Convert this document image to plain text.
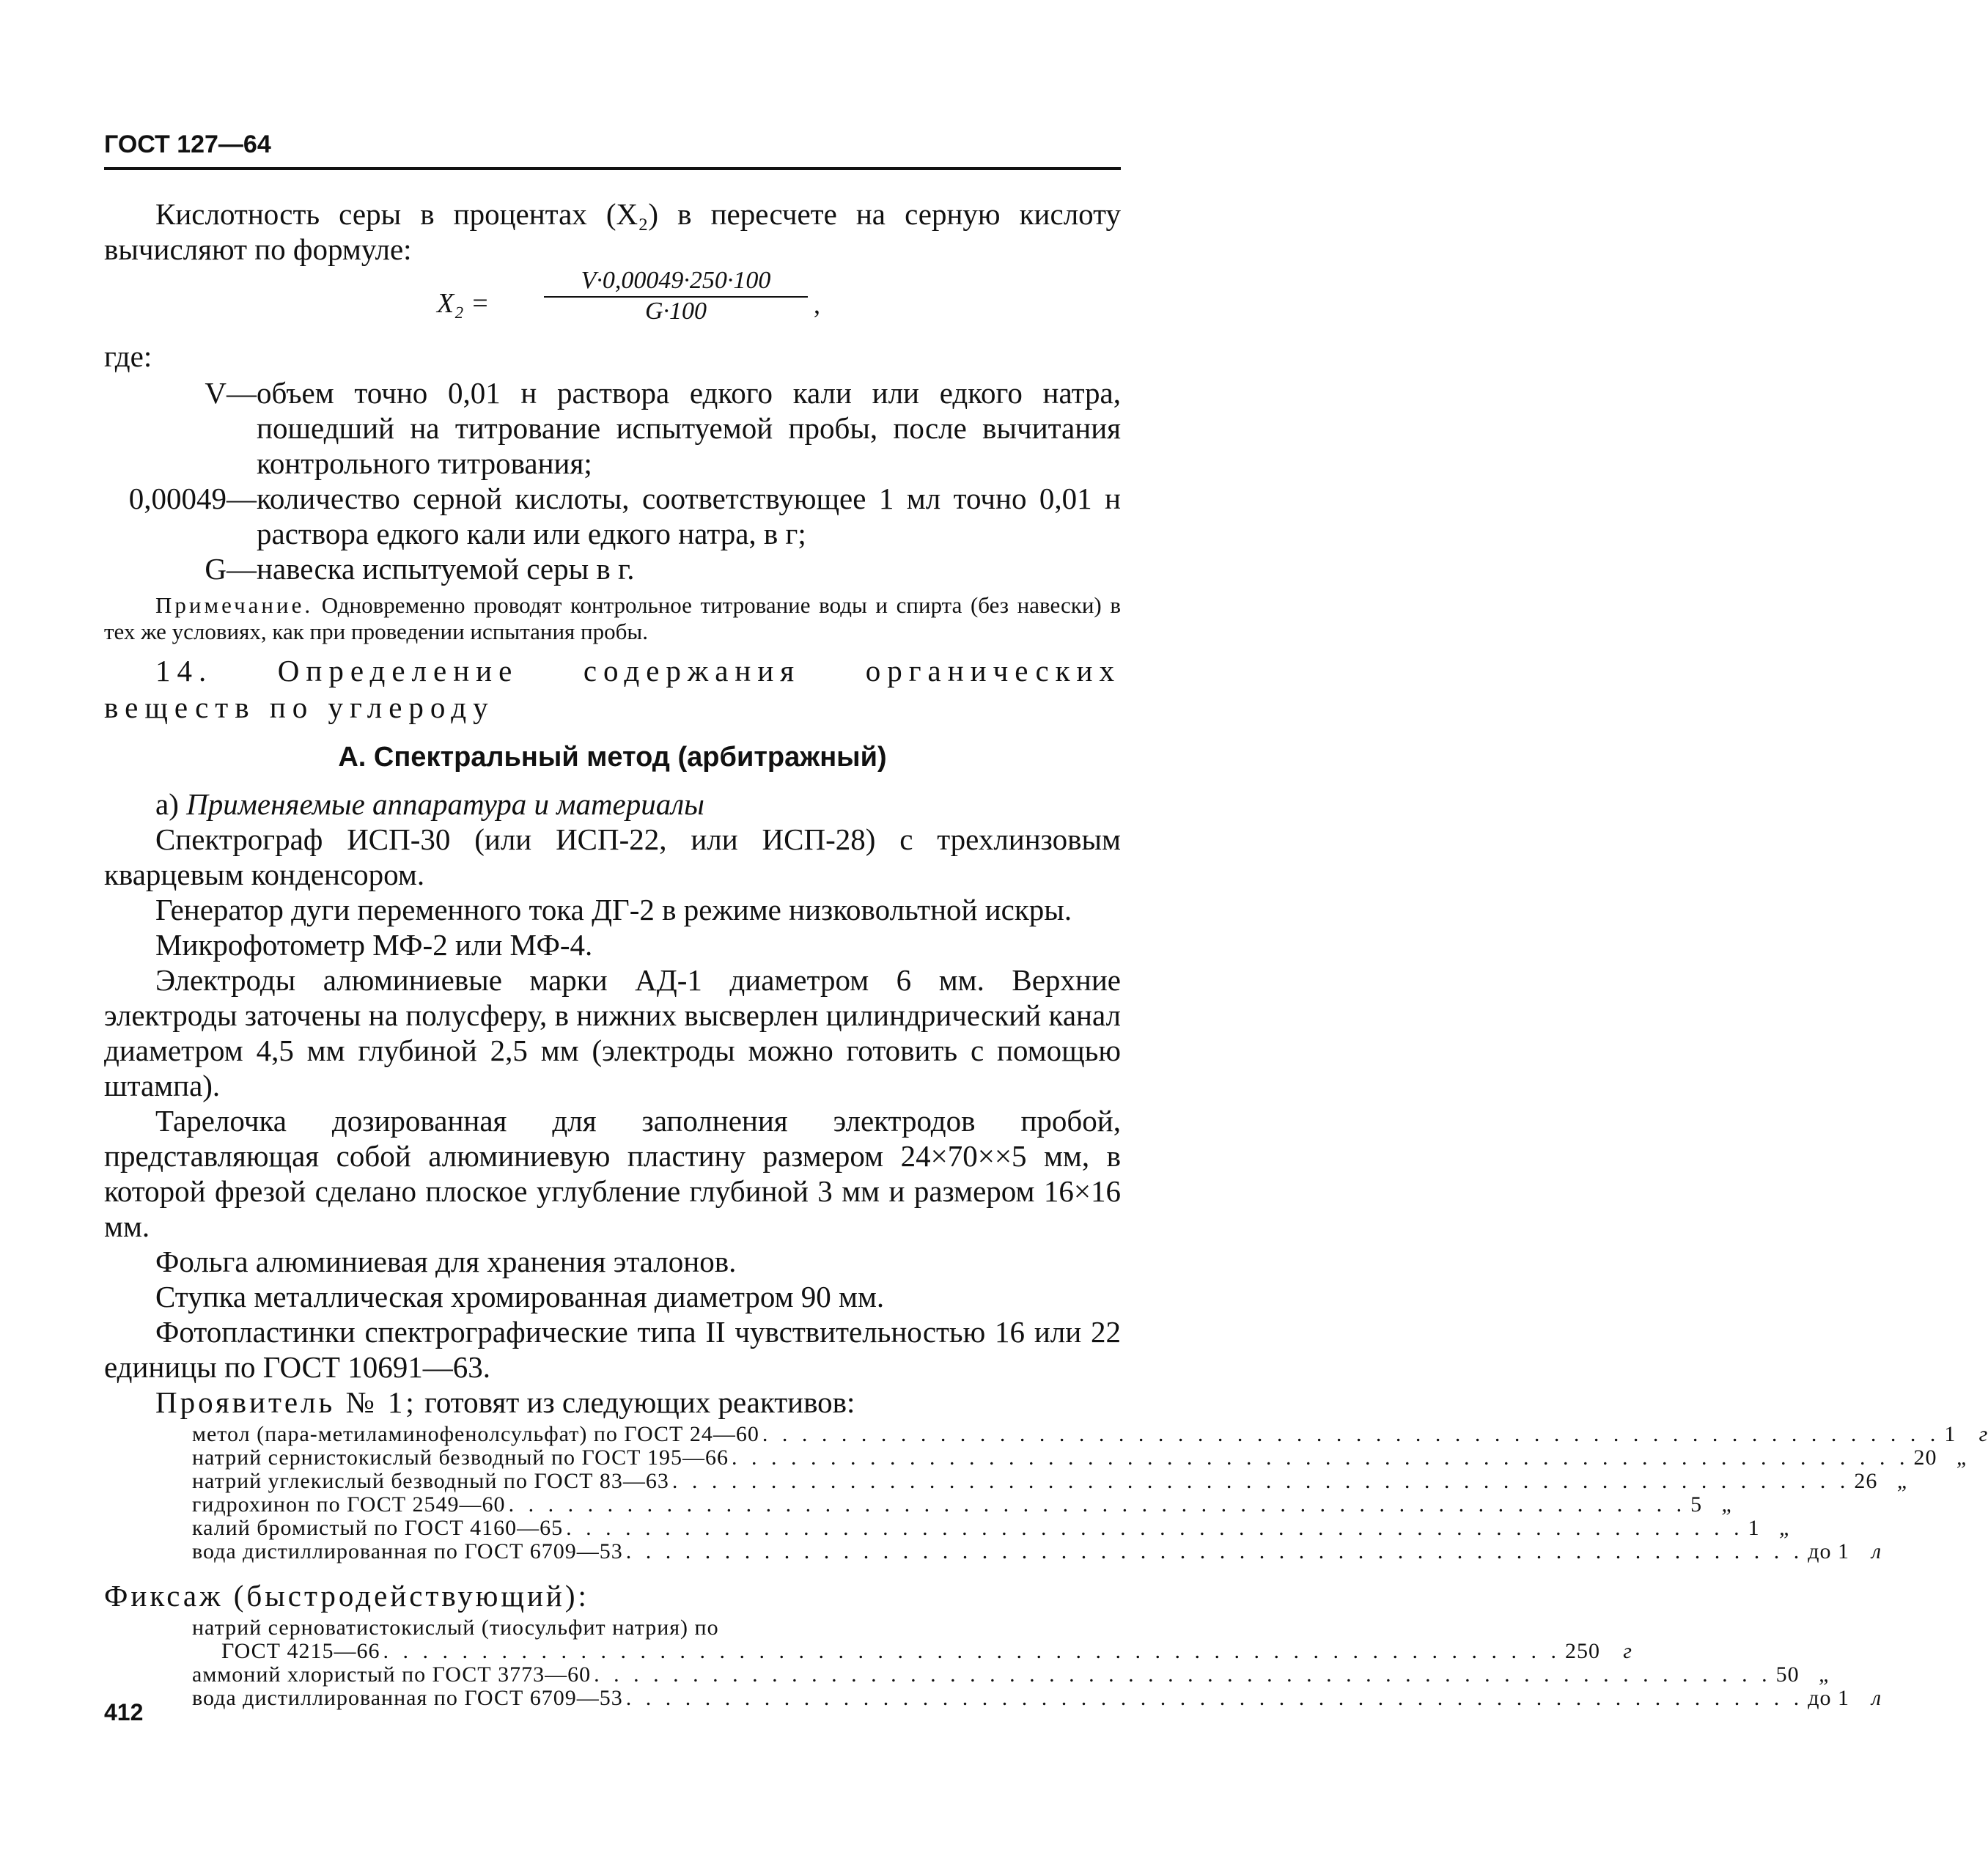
ГОСТ 127—64

Кислотность серы в процентах (X₂) в пересчете на серную кислоту вычисляют по формуле:

$X_2 = \frac{V\cdot 0,00049\cdot 250\cdot 100}{G\cdot 100}$ ,
где:
V— объем точно 0,01 н раствора едкого кали или едкого натра, пошедший на титрование испытуемой пробы, после вычитания контрольного титрования;
0,00049— количество серной кислоты, соответствующее 1 мл точно 0,01 н раствора едкого кали или едкого натра, в г;
G— навеска испытуемой серы в г.

Примечание. Одновременно проводят контрольное титрование воды и спирта (без навески) в тех же условиях, как при проведении испытания пробы.

14. Определение содержания органических веществ по углероду

А. Спектральный метод (арбитражный)

а) Применяемые аппаратура и материалы

Спектрограф ИСП-30 (или ИСП-22, или ИСП-28) с трехлинзовым кварцевым конденсором.

Генератор дуги переменного тока ДГ-2 в режиме низковольтной искры.

Микрофотометр МФ-2 или МФ-4.

Электроды алюминиевые марки АД-1 диаметром 6 мм. Верхние электроды заточены на полусферу, в нижних высверлен цилиндрический канал диаметром 4,5 мм глубиной 2,5 мм (электроды можно готовить с помощью штампа).

Тарелочка дозированная для заполнения электродов пробой, представляющая собой алюминиевую пластину размером 24×70××5 мм, в которой фрезой сделано плоское углубление глубиной 3 мм и размером 16×16 мм.

Фольга алюминиевая для хранения эталонов.

Ступка металлическая хромированная диаметром 90 мм.

Фотопластинки спектрографические типа II чувствительностью 16 или 22 единицы по ГОСТ 10691—63.

Проявитель № 1; готовят из следующих реактивов:

метол (пара-метиламинофенолсульфат) по ГОСТ 24—60 . . . . . . . . . . . . . . . . . . . . . . . . . . . . . . . . . . . . . . . . . . . . . . . . . . . . . . . . . . . . 1	г
натрий сернистокислый безводный по ГОСТ 195—66 . . . . . . . . . . . . . . . . . . . . . . . . . . . . . . . . . . . . . . . . . . . . . . . . . . . . . . . . . . . . 20 „
натрий углекислый безводный по ГОСТ 83—63 . . . . . . . . . . . . . . . . . . . . . . . . . . . . . . . . . . . . . . . . . . . . . . . . . . . . . . . . . . . . 26 „
гидрохинон по ГОСТ 2549—60 . . . . . . . . . . . . . . . . . . . . . . . . . . . . . . . . . . . . . . . . . . . . . . . . . . . . . . . . . . . . 5 „
калий бромистый по ГОСТ 4160—65 . . . . . . . . . . . . . . . . . . . . . . . . . . . . . . . . . . . . . . . . . . . . . . . . . . . . . . . . . . . . 1 „
вода дистиллированная по ГОСТ 6709—53 . . . . . . . . . . . . . . . . . . . . . . . . . . . . . . . . . . . . . . . . . . . . . . . . . . . . . . . . . . . . до 1 л

Фиксаж (быстродействующий):

натрий серноватистокислый (тиосульфит натрия) по
ГОСТ 4215—66 . . . . . . . . . . . . . . . . . . . . . . . . . . . . . . . . . . . . . . . . . . . . . . . . . . . . . . . . . . . . 250	г
аммоний хлористый по ГОСТ 3773—60 . . . . . . . . . . . . . . . . . . . . . . . . . . . . . . . . . . . . . . . . . . . . . . . . . . . . . . . . . . . . 50 „
вода дистиллированная по ГОСТ 6709—53 . . . . . . . . . . . . . . . . . . . . . . . . . . . . . . . . . . . . . . . . . . . . . . . . . . . . . . . . . . . . до 1 л
412
